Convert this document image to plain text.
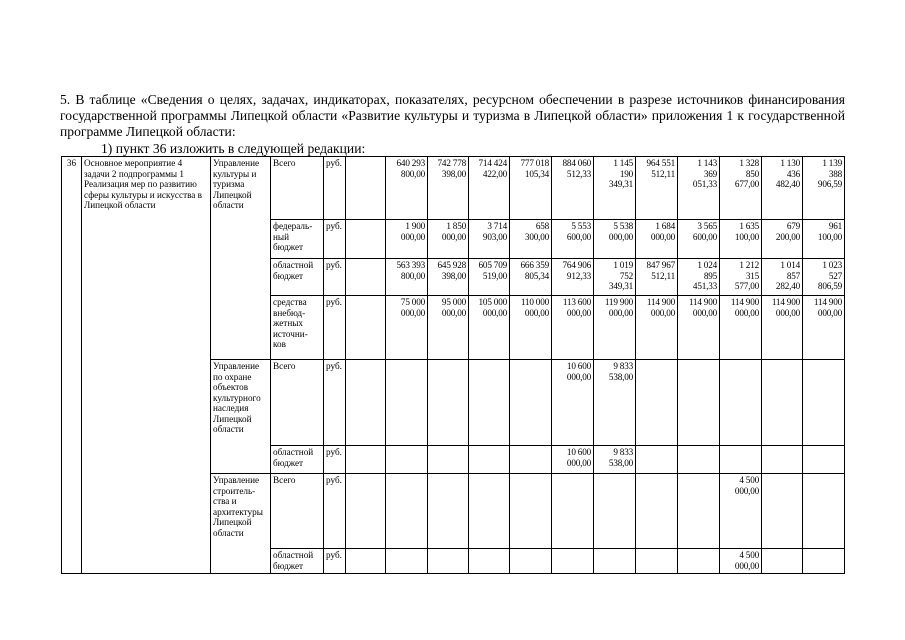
5. В таблице «Сведения о целях, задачах, индикаторах, показателях, ресурсном обеспечении в разрезе источников финансирования государственной программы Липецкой области «Развитие культуры и туризма в Липецкой области» приложения 1 к государственной программе Липецкой области:

1) пункт 36 изложить в следующей редакции:

36	Основное мероприятие 4 задачи 2 подпрограммы 1 Реализация мер по развитию сферы культуры и искусства в Липецкой области	Управление культуры и туризма Липецкой области	Всего	руб.		640 293
800,00	742 778
398,00	714 424
422,00	777 018
105,34	884 060
512,33	1 145
190
349,31	964 551
512,11	1 143
369
051,33	1 328
850
677,00	1 130
436
482,40	1 139
388
906,59
			федераль-
ный
бюджет	руб.		1 900
000,00	1 850
000,00	3 714
903,00	658
300,00	5 553
600,00	5 538
000,00	1 684
000,00	3 565
600,00	1 635
100,00	679
200,00	961
100,00
			областной
бюджет	руб.		563 393
800,00	645 928
398,00	605 709
519,00	666 359
805,34	764 906
912,33	1 019
752
349,31	847 967
512,11	1 024
895
451,33	1 212
315
577,00	1 014
857
282,40	1 023
527
806,59
			средства
внебюд-
жетных
источни-
ков	руб.		75 000
000,00	95 000
000,00	105 000
000,00	110 000
000,00	113 600
000,00	119 900
000,00	114 900
000,00	114 900
000,00	114 900
000,00	114 900
000,00	114 900
000,00
		Управление по охране объектов культурного наследия Липецкой области	Всего	руб.						10 600
000,00	9 833
538,00					
			областной
бюджет	руб.						10 600
000,00	9 833
538,00					
		Управление строитель-ства и архитектуры Липецкой области	Всего	руб.										4 500
000,00		
			областной
бюджет	руб.										4 500
000,00		
